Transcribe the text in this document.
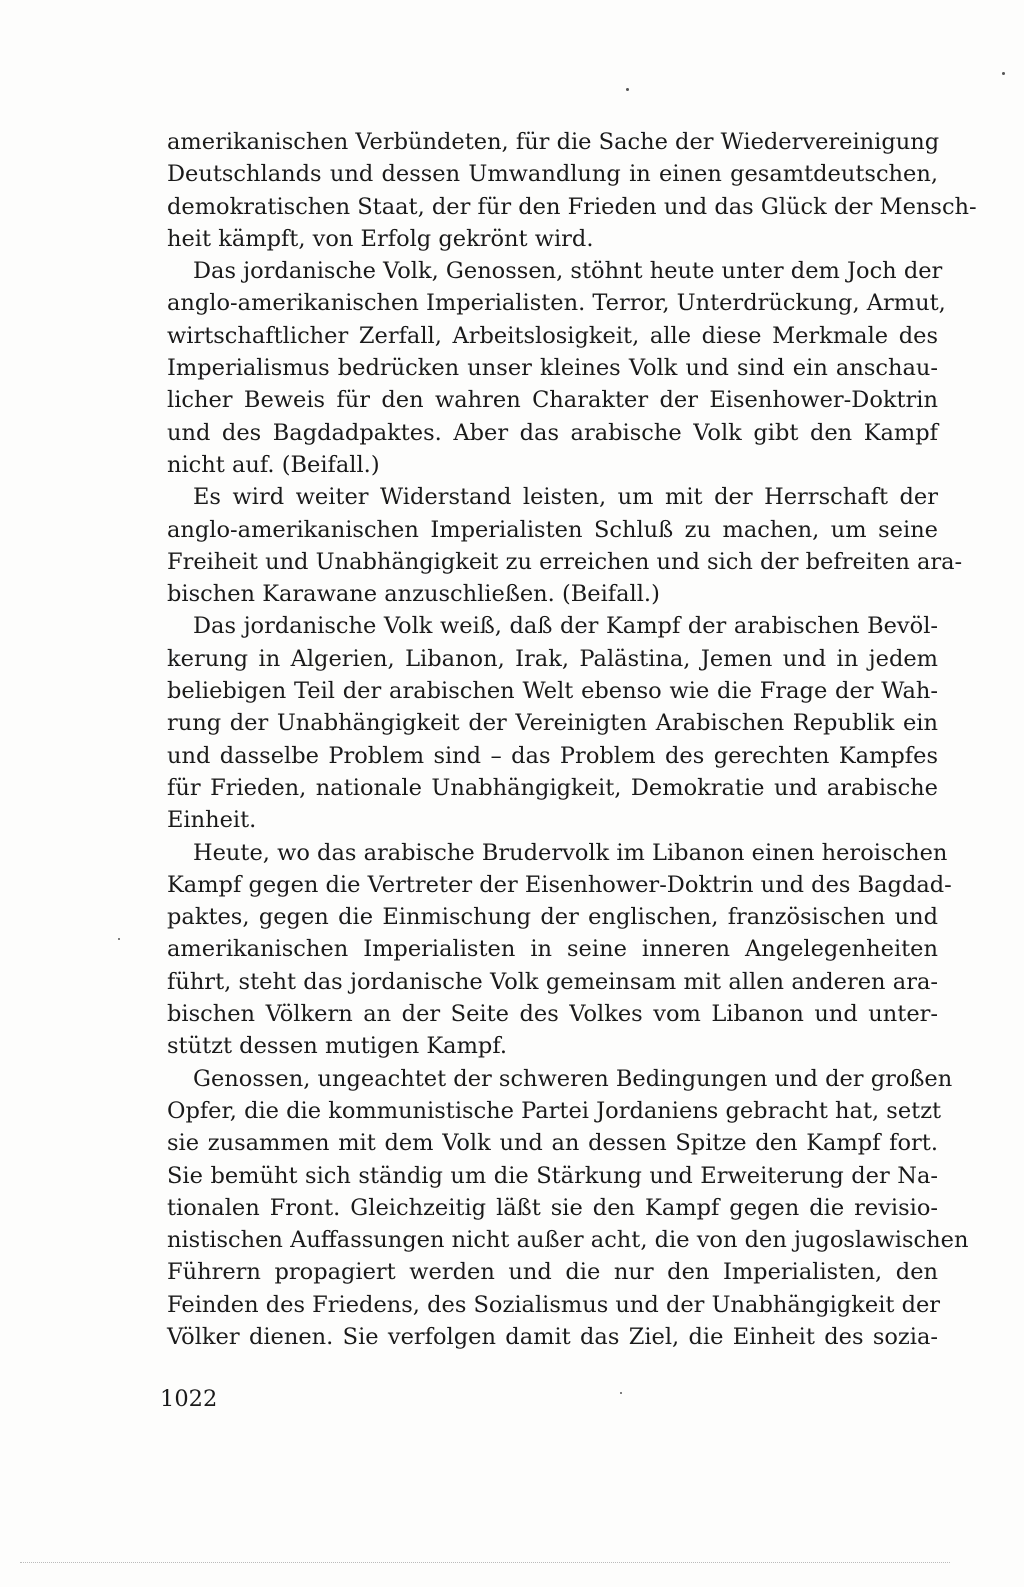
amerikanischen Verbündeten, für die Sache der Wiedervereinigung
Deutschlands und dessen Umwandlung in einen gesamtdeutschen,
demokratischen Staat, der für den Frieden und das Glück der Mensch-
heit kämpft, von Erfolg gekrönt wird.

Das jordanische Volk, Genossen, stöhnt heute unter dem Joch der
anglo-amerikanischen Imperialisten. Terror, Unterdrückung, Armut,
wirtschaftlicher Zerfall, Arbeitslosigkeit, alle diese Merkmale des
Imperialismus bedrücken unser kleines Volk und sind ein anschau-
licher Beweis für den wahren Charakter der Eisenhower-Doktrin
und des Bagdadpaktes. Aber das arabische Volk gibt den Kampf
nicht auf. (Beifall.)

Es wird weiter Widerstand leisten, um mit der Herrschaft der
anglo-amerikanischen Imperialisten Schluß zu machen, um seine
Freiheit und Unabhängigkeit zu erreichen und sich der befreiten ara-
bischen Karawane anzuschließen. (Beifall.)

Das jordanische Volk weiß, daß der Kampf der arabischen Bevöl-
kerung in Algerien, Libanon, Irak, Palästina, Jemen und in jedem
beliebigen Teil der arabischen Welt ebenso wie die Frage der Wah-
rung der Unabhängigkeit der Vereinigten Arabischen Republik ein
und dasselbe Problem sind – das Problem des gerechten Kampfes
für Frieden, nationale Unabhängigkeit, Demokratie und arabische
Einheit.

Heute, wo das arabische Brudervolk im Libanon einen heroischen
Kampf gegen die Vertreter der Eisenhower-Doktrin und des Bagdad-
paktes, gegen die Einmischung der englischen, französischen und
amerikanischen Imperialisten in seine inneren Angelegenheiten
führt, steht das jordanische Volk gemeinsam mit allen anderen ara-
bischen Völkern an der Seite des Volkes vom Libanon und unter-
stützt dessen mutigen Kampf.

Genossen, ungeachtet der schweren Bedingungen und der großen
Opfer, die die kommunistische Partei Jordaniens gebracht hat, setzt
sie zusammen mit dem Volk und an dessen Spitze den Kampf fort.
Sie bemüht sich ständig um die Stärkung und Erweiterung der Na-
tionalen Front. Gleichzeitig läßt sie den Kampf gegen die revisio-
nistischen Auffassungen nicht außer acht, die von den jugoslawischen
Führern propagiert werden und die nur den Imperialisten, den
Feinden des Friedens, des Sozialismus und der Unabhängigkeit der
Völker dienen. Sie verfolgen damit das Ziel, die Einheit des sozia-

1022
